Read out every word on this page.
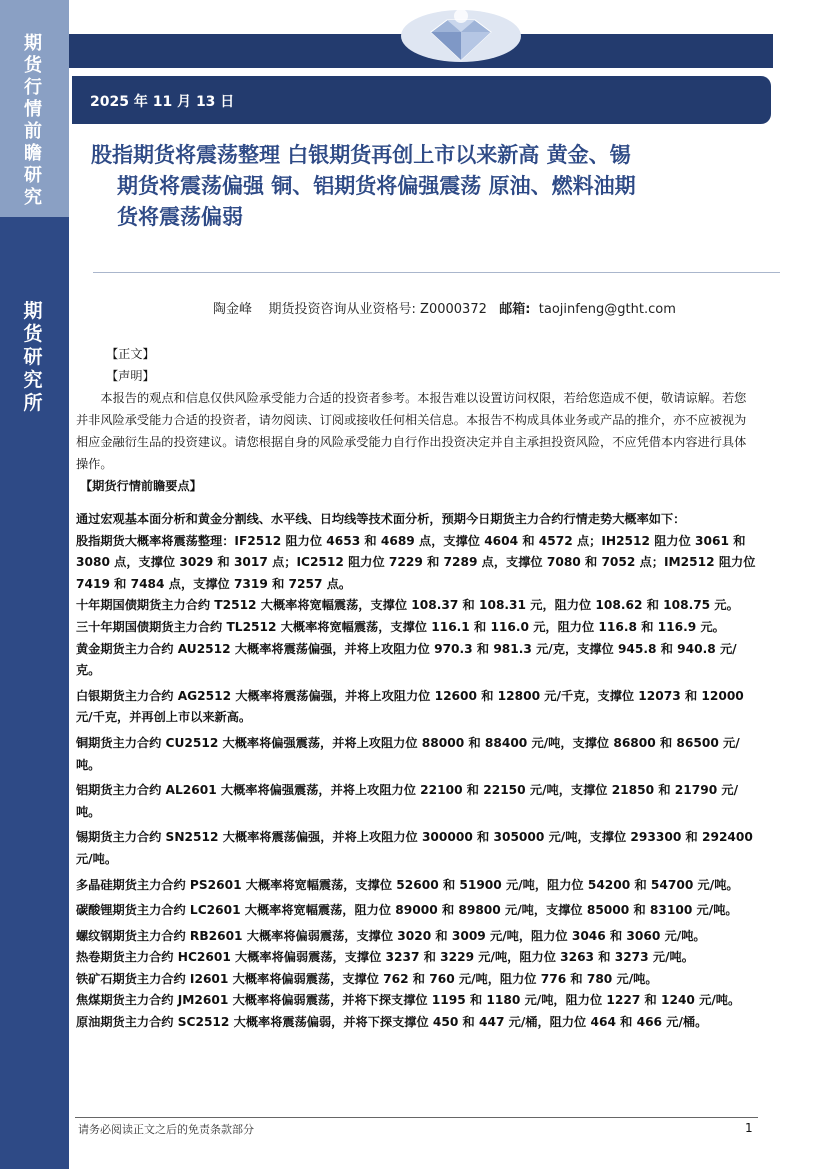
期货行情前瞻研究
期货研究所
2025 年 11 月 13 日
股指期货将震荡整理 白银期货再创上市以来新高 黄金、锡
期货将震荡偏强 铜、铝期货将偏强震荡 原油、燃料油期
货将震荡偏弱
陶金峰 期货投资咨询从业资格号: Z0000372 邮箱: taojinfeng@gtht.com

【正文】

【声明】

本报告的观点和信息仅供风险承受能力合适的投资者参考。本报告难以设置访问权限，若给您造成不便，敬请谅解。若您并非风险承受能力合适的投资者，请勿阅读、订阅或接收任何相关信息。本报告不构成具体业务或产品的推介，亦不应被视为相应金融衍生品的投资建议。请您根据自身的风险承受能力自行作出投资决定并自主承担投资风险，不应凭借本内容进行具体操作。

【期货行情前瞻要点】

通过宏观基本面分析和黄金分割线、水平线、日均线等技术面分析，预期今日期货主力合约行情走势大概率如下：

股指期货大概率将震荡整理：IF2512 阻力位 4653 和 4689 点，支撑位 4604 和 4572 点；IH2512 阻力位 3061 和 3080 点，支撑位 3029 和 3017 点；IC2512 阻力位 7229 和 7289 点，支撑位 7080 和 7052 点；IM2512 阻力位 7419 和 7484 点，支撑位 7319 和 7257 点。

十年期国债期货主力合约 T2512 大概率将宽幅震荡，支撑位 108.37 和 108.31 元，阻力位 108.62 和 108.75 元。

三十年期国债期货主力合约 TL2512 大概率将宽幅震荡，支撑位 116.1 和 116.0 元，阻力位 116.8 和 116.9 元。

黄金期货主力合约 AU2512 大概率将震荡偏强，并将上攻阻力位 970.3 和 981.3 元/克，支撑位 945.8 和 940.8 元/克。

白银期货主力合约 AG2512 大概率将震荡偏强，并将上攻阻力位 12600 和 12800 元/千克，支撑位 12073 和 12000 元/千克，并再创上市以来新高。

铜期货主力合约 CU2512 大概率将偏强震荡，并将上攻阻力位 88000 和 88400 元/吨，支撑位 86800 和 86500 元/吨。

铝期货主力合约 AL2601 大概率将偏强震荡，并将上攻阻力位 22100 和 22150 元/吨，支撑位 21850 和 21790 元/吨。

锡期货主力合约 SN2512 大概率将震荡偏强，并将上攻阻力位 300000 和 305000 元/吨，支撑位 293300 和 292400 元/吨。

多晶硅期货主力合约 PS2601 大概率将宽幅震荡，支撑位 52600 和 51900 元/吨，阻力位 54200 和 54700 元/吨。

碳酸锂期货主力合约 LC2601 大概率将宽幅震荡，阻力位 89000 和 89800 元/吨，支撑位 85000 和 83100 元/吨。

螺纹钢期货主力合约 RB2601 大概率将偏弱震荡，支撑位 3020 和 3009 元/吨，阻力位 3046 和 3060 元/吨。

热卷期货主力合约 HC2601 大概率将偏弱震荡，支撑位 3237 和 3229 元/吨，阻力位 3263 和 3273 元/吨。

铁矿石期货主力合约 I2601 大概率将偏弱震荡，支撑位 762 和 760 元/吨，阻力位 776 和 780 元/吨。

焦煤期货主力合约 JM2601 大概率将偏弱震荡，并将下探支撑位 1195 和 1180 元/吨，阻力位 1227 和 1240 元/吨。

原油期货主力合约 SC2512 大概率将震荡偏弱，并将下探支撑位 450 和 447 元/桶，阻力位 464 和 466 元/桶。

请务必阅读正文之后的免责条款部分	1
